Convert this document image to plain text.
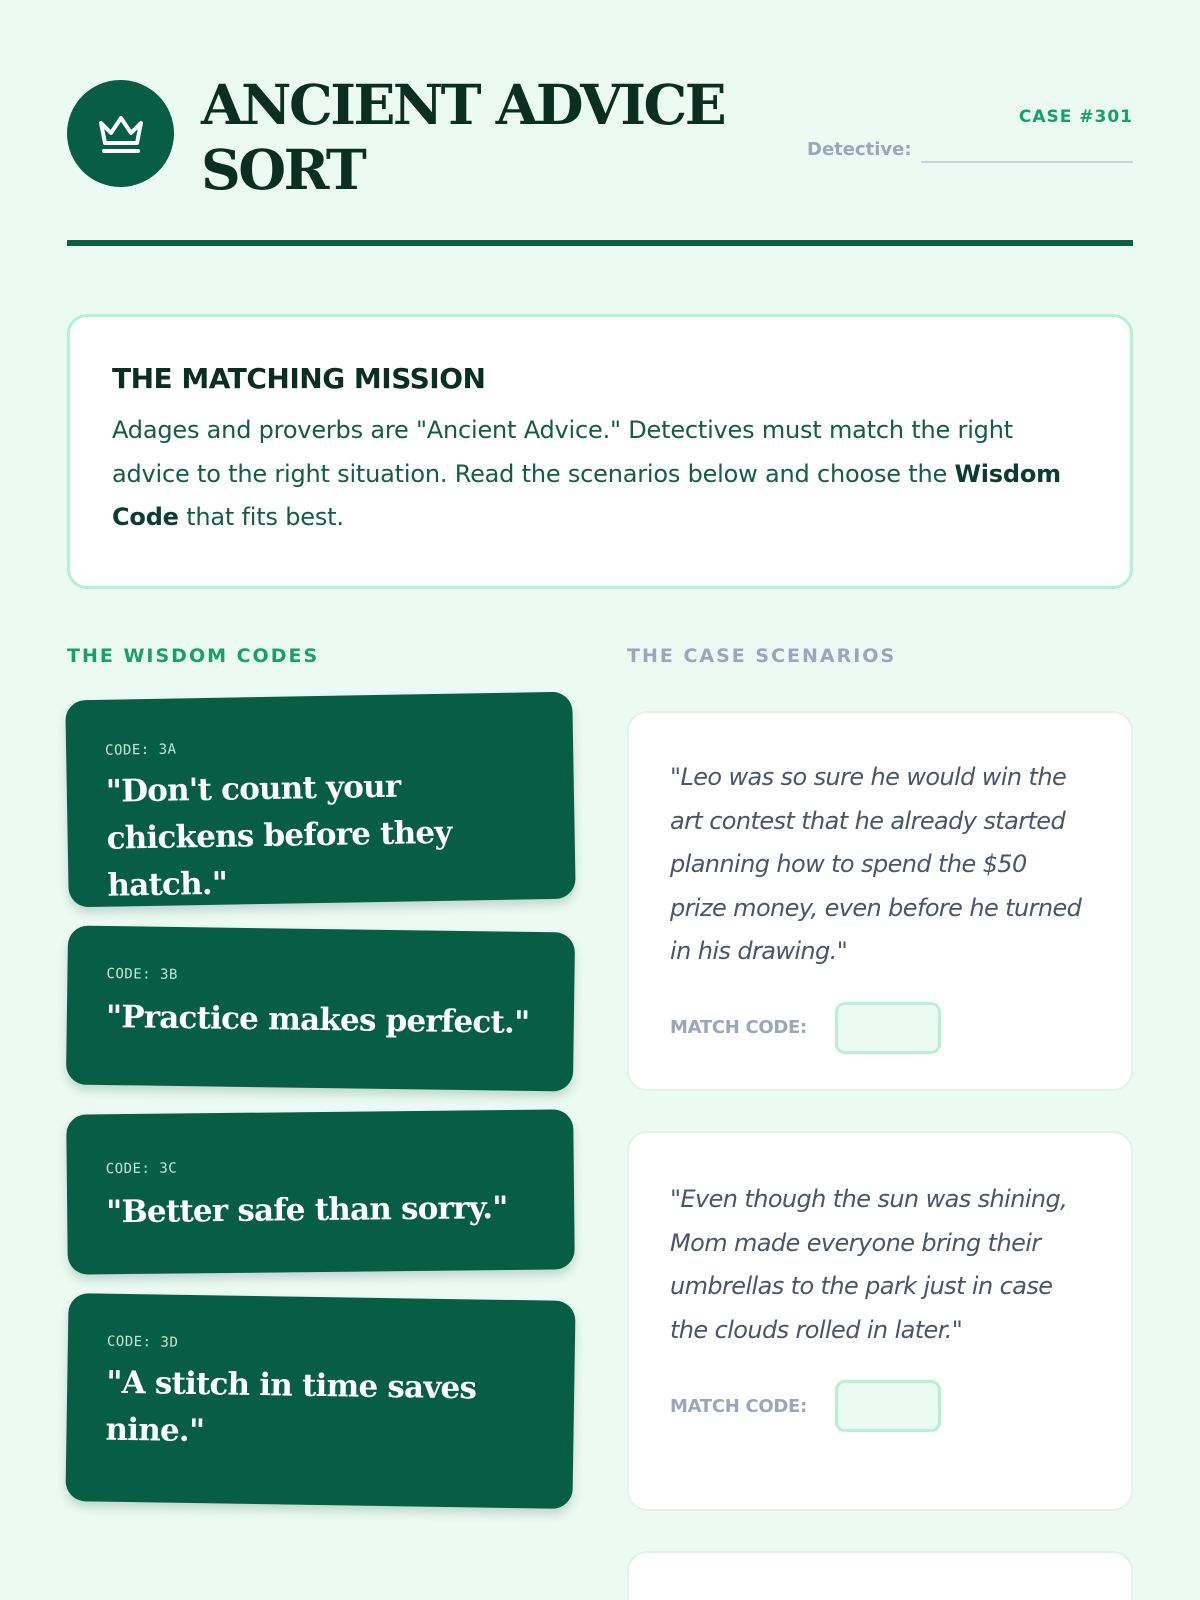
ANCIENT ADVICE
SORT
CASE #301
Detective:
THE MATCHING MISSION

Adages and proverbs are "Ancient Advice." Detectives must match the right advice to the right situation. Read the scenarios below and choose the Wisdom Code that fits best.

THE WISDOM CODES	THE CASE SCENARIOS
CODE: 3A
"Don't count your chickens before they hatch."
CODE: 3B
"Practice makes perfect."
CODE: 3C
"Better safe than sorry."
CODE: 3D
"A stitch in time saves nine."

"Leo was so sure he would win the art contest that he already started planning how to spend the $50 prize money, even before he turned in his drawing."

MATCH CODE:

"Even though the sun was shining, Mom made everyone bring their umbrellas to the park just in case the clouds rolled in later."

MATCH CODE:
